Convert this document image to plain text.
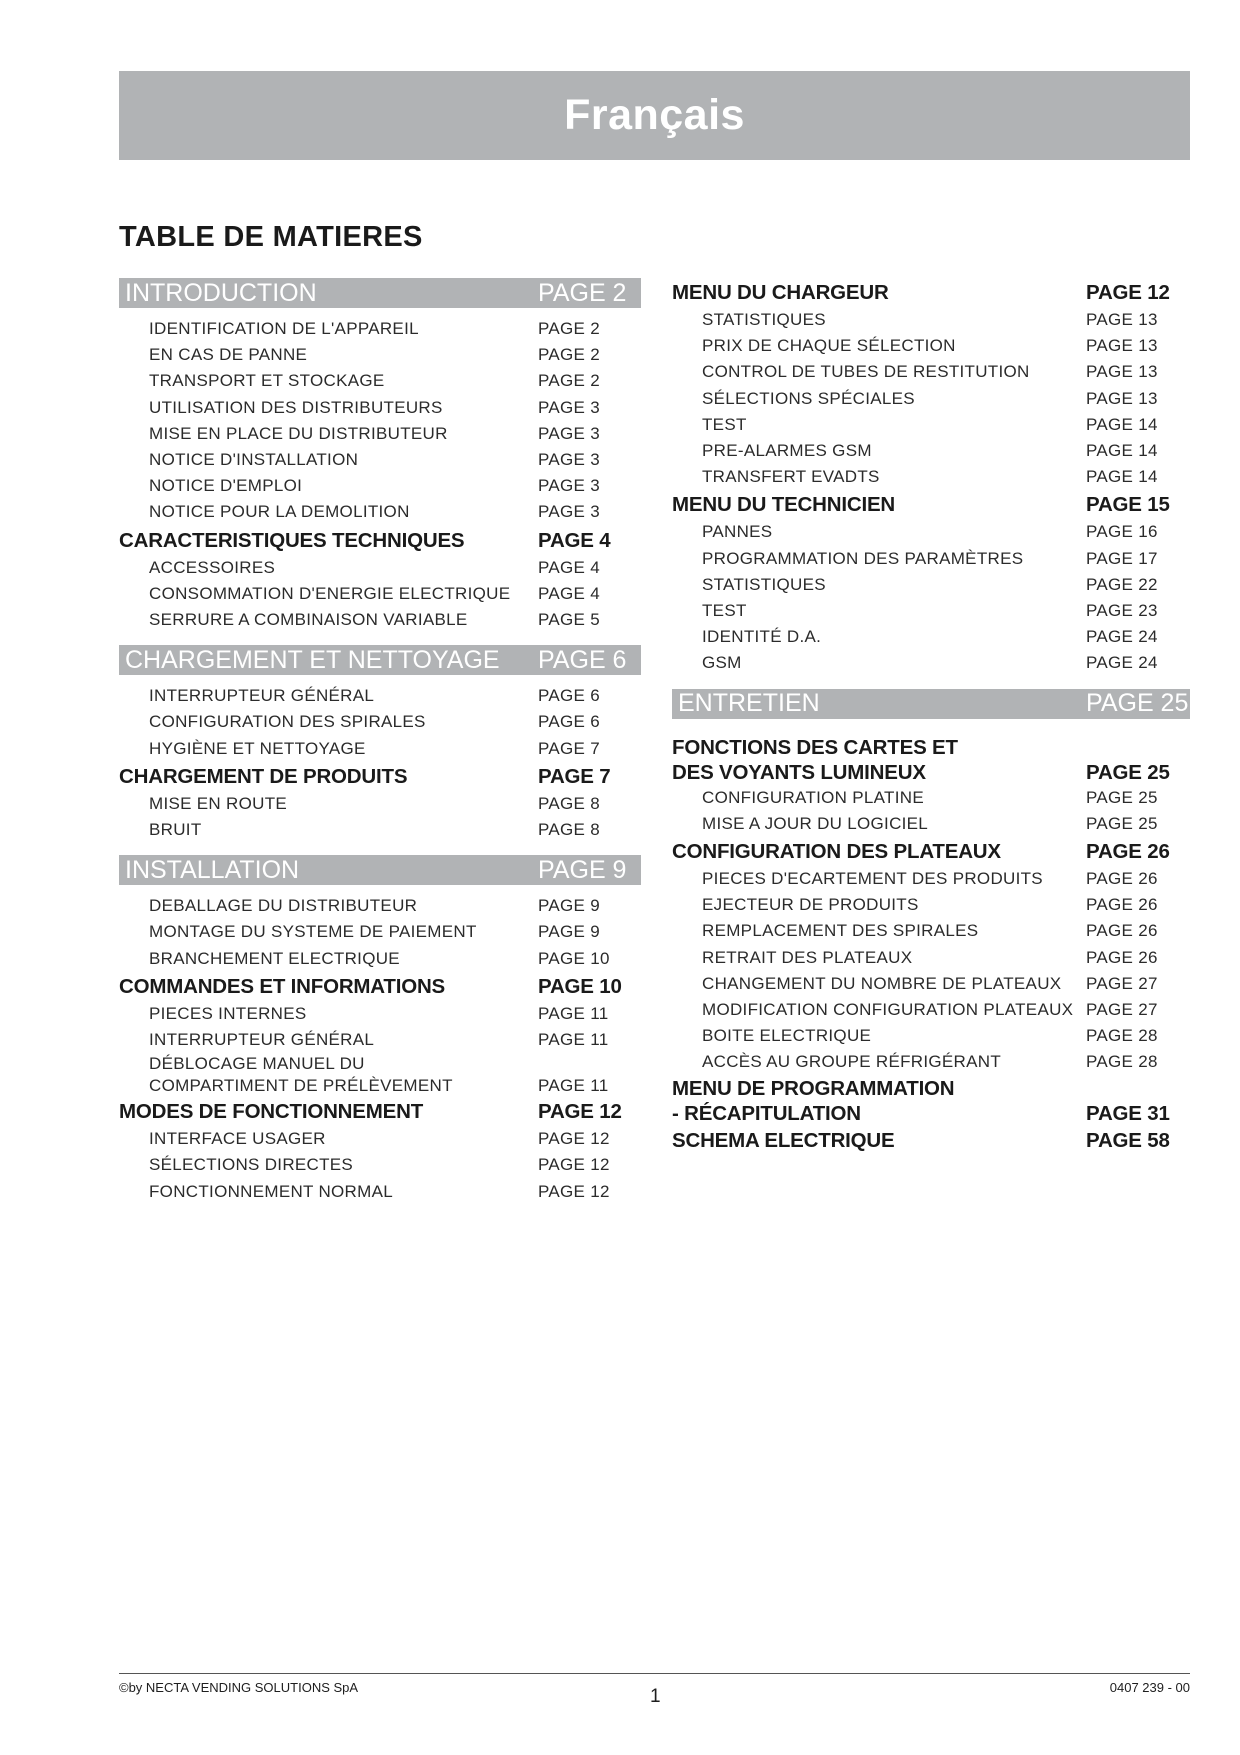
Français
TABLE DE MATIERES
INTRODUCTION	PAGE 2
IDENTIFICATION DE L'APPAREIL	PAGE 2
EN CAS DE PANNE	PAGE 2
TRANSPORT ET STOCKAGE	PAGE 2
UTILISATION DES DISTRIBUTEURS	PAGE 3
MISE EN PLACE DU DISTRIBUTEUR	PAGE 3
NOTICE D'INSTALLATION	PAGE 3
NOTICE D'EMPLOI	PAGE 3
NOTICE POUR LA DEMOLITION	PAGE 3
CARACTERISTIQUES TECHNIQUES	PAGE 4
ACCESSOIRES	PAGE 4
CONSOMMATION D'ENERGIE ELECTRIQUE	PAGE 4
SERRURE A COMBINAISON VARIABLE	PAGE 5
CHARGEMENT ET NETTOYAGE	PAGE 6
INTERRUPTEUR GÉNÉRAL	PAGE 6
CONFIGURATION DES SPIRALES	PAGE 6
HYGIÈNE ET NETTOYAGE	PAGE 7
CHARGEMENT DE PRODUITS	PAGE 7
MISE EN ROUTE	PAGE 8
BRUIT	PAGE 8
INSTALLATION	PAGE 9
DEBALLAGE DU DISTRIBUTEUR	PAGE 9
MONTAGE DU SYSTEME DE PAIEMENT	PAGE 9
BRANCHEMENT ELECTRIQUE	PAGE 10
COMMANDES ET INFORMATIONS	PAGE 10
PIECES INTERNES	PAGE 11
INTERRUPTEUR GÉNÉRAL	PAGE 11
DÉBLOCAGE MANUEL DU
COMPARTIMENT DE PRÉLÈVEMENT	PAGE 11
MODES DE FONCTIONNEMENT	PAGE 12
INTERFACE USAGER	PAGE 12
SÉLECTIONS DIRECTES	PAGE 12
FONCTIONNEMENT NORMAL	PAGE 12
MENU DU CHARGEUR	PAGE 12
STATISTIQUES	PAGE 13
PRIX DE CHAQUE SÉLECTION	PAGE 13
CONTROL DE TUBES DE RESTITUTION	PAGE 13
SÉLECTIONS SPÉCIALES	PAGE 13
TEST	PAGE 14
PRE-ALARMES GSM	PAGE 14
TRANSFERT EVADTS	PAGE 14
MENU DU TECHNICIEN	PAGE 15
PANNES	PAGE 16
PROGRAMMATION DES PARAMÈTRES	PAGE 17
STATISTIQUES	PAGE 22
TEST	PAGE 23
IDENTITÉ D.A.	PAGE 24
GSM	PAGE 24
ENTRETIEN	PAGE 25
FONCTIONS DES CARTES ET
DES VOYANTS LUMINEUX	PAGE 25
CONFIGURATION PLATINE	PAGE 25
MISE A JOUR DU LOGICIEL	PAGE 25
CONFIGURATION DES PLATEAUX	PAGE 26
PIECES D'ECARTEMENT DES PRODUITS	PAGE 26
EJECTEUR DE PRODUITS	PAGE 26
REMPLACEMENT DES SPIRALES	PAGE 26
RETRAIT DES PLATEAUX	PAGE 26
CHANGEMENT DU NOMBRE DE PLATEAUX	PAGE 27
MODIFICATION CONFIGURATION PLATEAUX PAGE 27
BOITE ELECTRIQUE	PAGE 28
ACCÈS AU GROUPE RÉFRIGÉRANT	PAGE 28
MENU DE PROGRAMMATION
- RÉCAPITULATION	PAGE 31
SCHEMA ELECTRIQUE	PAGE 58
©by NECTA VENDING SOLUTIONS SpA	1	0407 239 - 00
